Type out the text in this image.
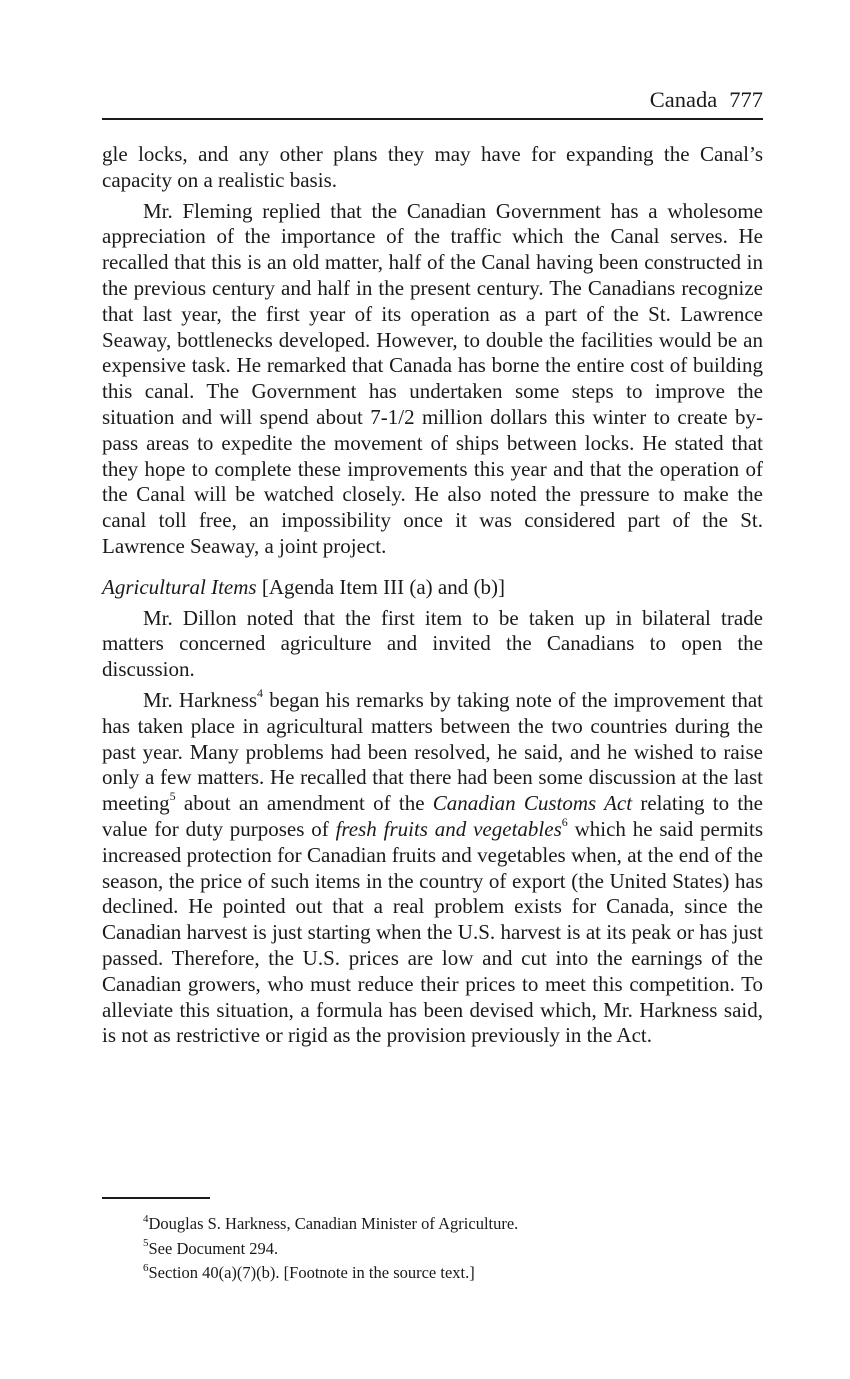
Canada 777

gle locks, and any other plans they may have for expanding the Canal’s capacity on a realistic basis.

Mr. Fleming replied that the Canadian Government has a wholesome appreciation of the importance of the traffic which the Canal serves. He recalled that this is an old matter, half of the Canal having been constructed in the previous century and half in the present century. The Canadians recognize that last year, the first year of its operation as a part of the St. Lawrence Seaway, bottlenecks developed. However, to double the facilities would be an expensive task. He remarked that Canada has borne the entire cost of building this canal. The Government has undertaken some steps to improve the situation and will spend about 7-1/2 million dollars this winter to create by-pass areas to expedite the movement of ships between locks. He stated that they hope to complete these improvements this year and that the operation of the Canal will be watched closely. He also noted the pressure to make the canal toll free, an impossibility once it was considered part of the St. Lawrence Seaway, a joint project.

Agricultural Items [Agenda Item III (a) and (b)]

Mr. Dillon noted that the first item to be taken up in bilateral trade matters concerned agriculture and invited the Canadians to open the discussion.

Mr. Harkness$^4$ began his remarks by taking note of the improvement that has taken place in agricultural matters between the two countries during the past year. Many problems had been resolved, he said, and he wished to raise only a few matters. He recalled that there had been some discussion at the last meeting$^5$ about an amendment of the Canadian Customs Act relating to the value for duty purposes of fresh fruits and vegetables$^6$ which he said permits increased protection for Canadian fruits and vegetables when, at the end of the season, the price of such items in the country of export (the United States) has declined. He pointed out that a real problem exists for Canada, since the Canadian harvest is just starting when the U.S. harvest is at its peak or has just passed. Therefore, the U.S. prices are low and cut into the earnings of the Canadian growers, who must reduce their prices to meet this competition. To alleviate this situation, a formula has been devised which, Mr. Harkness said, is not as restrictive or rigid as the provision previously in the Act.

$^4$Douglas S. Harkness, Canadian Minister of Agriculture.

$^5$See Document 294.

$^6$Section 40(a)(7)(b). [Footnote in the source text.]
